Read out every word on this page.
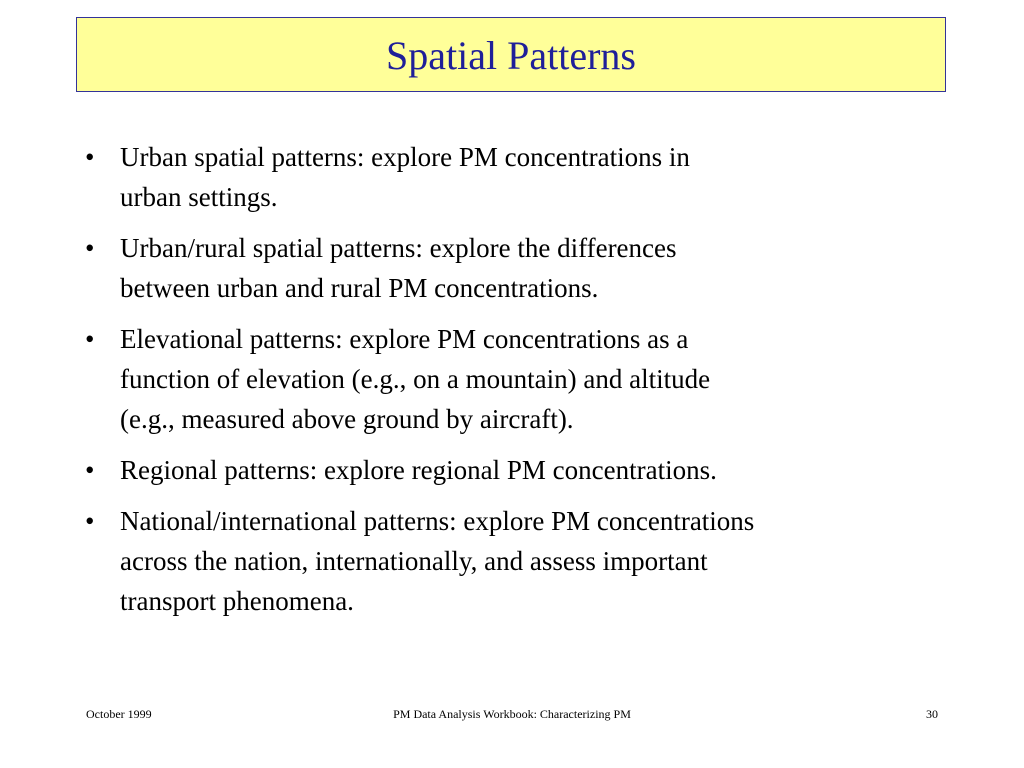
Spatial Patterns
• Urban spatial patterns: explore PM concentrations in
urban settings.
• Urban/rural spatial patterns: explore the differences
between urban and rural PM concentrations.
• Elevational patterns: explore PM concentrations as a
function of elevation (e.g., on a mountain) and altitude
(e.g., measured above ground by aircraft).
• Regional patterns: explore regional PM concentrations.
• National/international patterns: explore PM concentrations
across the nation, internationally, and assess important
transport phenomena.
PM Data Analysis Workbook: Characterizing PM
October 1999	30
